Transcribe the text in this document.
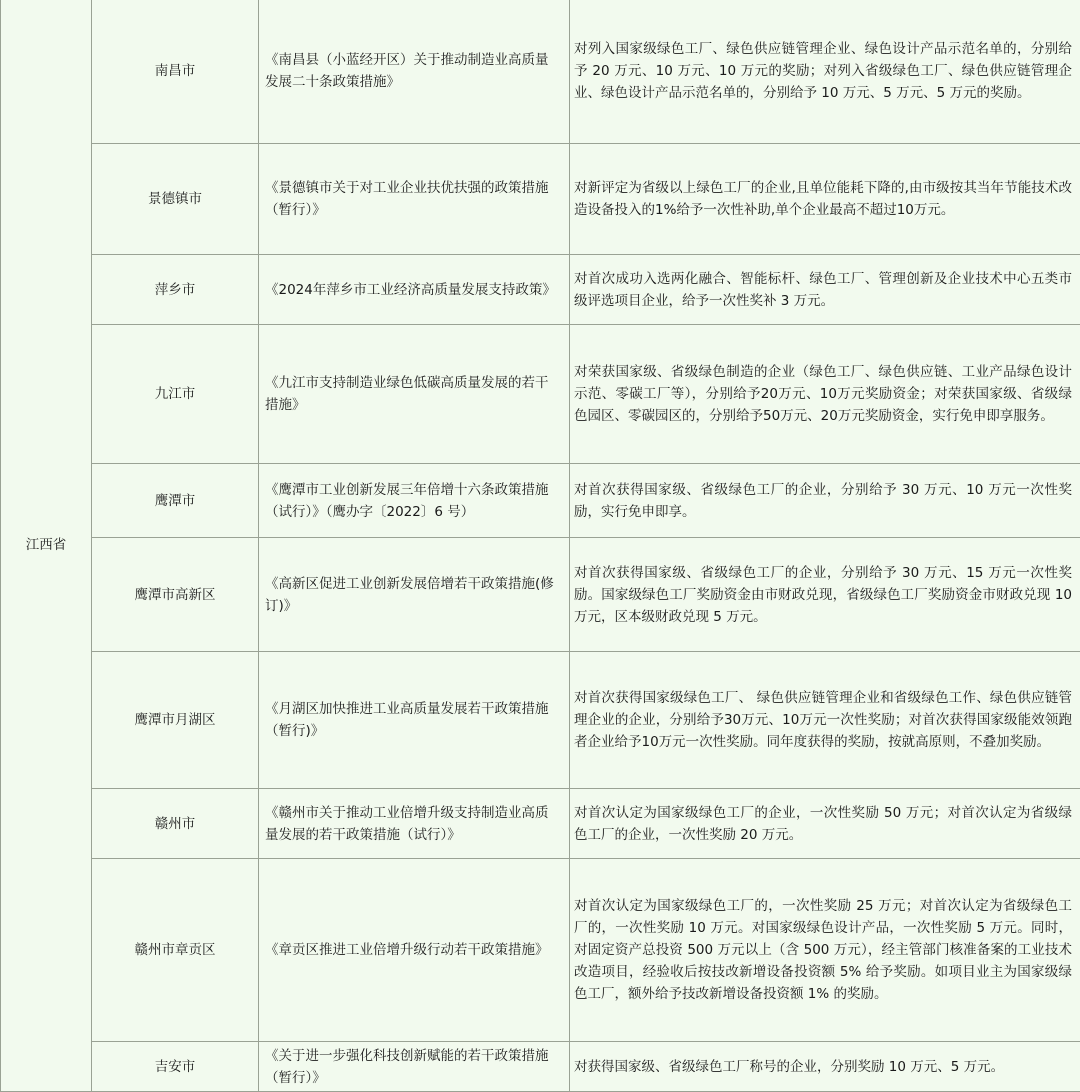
江西省	南昌市	《南昌县（小蓝经开区）关于推动制造业高质量发展二十条政策措施》	对列入国家级绿色工厂、绿色供应链管理企业、绿色设计产品示范名单的，分别给予 20 万元、10 万元、10 万元的奖励；对列入省级绿色工厂、绿色供应链管理企业、绿色设计产品示范名单的，分别给予 10 万元、5 万元、5 万元的奖励。
	景德镇市	《景德镇市关于对工业企业扶优扶强的政策措施（暂行）》	对新评定为省级以上绿色工厂的企业,且单位能耗下降的,由市级按其当年节能技术改造设备投入的1%给予一次性补助,单个企业最高不超过10万元。
	萍乡市	《2024年萍乡市工业经济高质量发展支持政策》	对首次成功入选两化融合、智能标杆、绿色工厂、管理创新及企业技术中心五类市级评选项目企业，给予一次性奖补 3 万元。
	九江市	《九江市支持制造业绿色低碳高质量发展的若干措施》	对荣获国家级、省级绿色制造的企业（绿色工厂、绿色供应链、工业产品绿色设计示范、零碳工厂等），分别给予20万元、10万元奖励资金；对荣获国家级、省级绿色园区、零碳园区的，分别给予50万元、20万元奖励资金，实行免申即享服务。
	鹰潭市	《鹰潭市工业创新发展三年倍增十六条政策措施（试行）》（鹰办字〔2022〕6 号）	对首次获得国家级、省级绿色工厂的企业，分别给予 30 万元、10 万元一次性奖励，实行免申即享。
	鹰潭市高新区	《高新区促进工业创新发展倍增若干政策措施(修订)》	对首次获得国家级、省级绿色工厂的企业，分别给予 30 万元、15 万元一次性奖励。国家级绿色工厂奖励资金由市财政兑现，省级绿色工厂奖励资金市财政兑现 10 万元，区本级财政兑现 5 万元。
	鹰潭市月湖区	《月湖区加快推进工业高质量发展若干政策措施（暂行)》	对首次获得国家级绿色工厂、 绿色供应链管理企业和省级绿色工作、绿色供应链管理企业的企业，分别给予30万元、10万元一次性奖励；对首次获得国家级能效领跑者企业给予10万元一次性奖励。同年度获得的奖励，按就高原则，不叠加奖励。
	赣州市	《赣州市关于推动工业倍增升级支持制造业高质量发展的若干政策措施（试行）》	对首次认定为国家级绿色工厂的企业，一次性奖励 50 万元；对首次认定为省级绿色工厂的企业，一次性奖励 20 万元。
	赣州市章贡区	《章贡区推进工业倍增升级行动若干政策措施》	对首次认定为国家级绿色工厂的，一次性奖励 25 万元；对首次认定为省级绿色工厂的，一次性奖励 10 万元。对国家级绿色设计产品，一次性奖励 5 万元。同时，对固定资产总投资 500 万元以上（含 500 万元），经主管部门核准备案的工业技术改造项目，经验收后按技改新增设备投资额 5% 给予奖励。如项目业主为国家级绿色工厂，额外给予技改新增设备投资额 1% 的奖励。
	吉安市	《关于进一步强化科技创新赋能的若干政策措施（暂行）》	对获得国家级、省级绿色工厂称号的企业，分别奖励 10 万元、5 万元。
